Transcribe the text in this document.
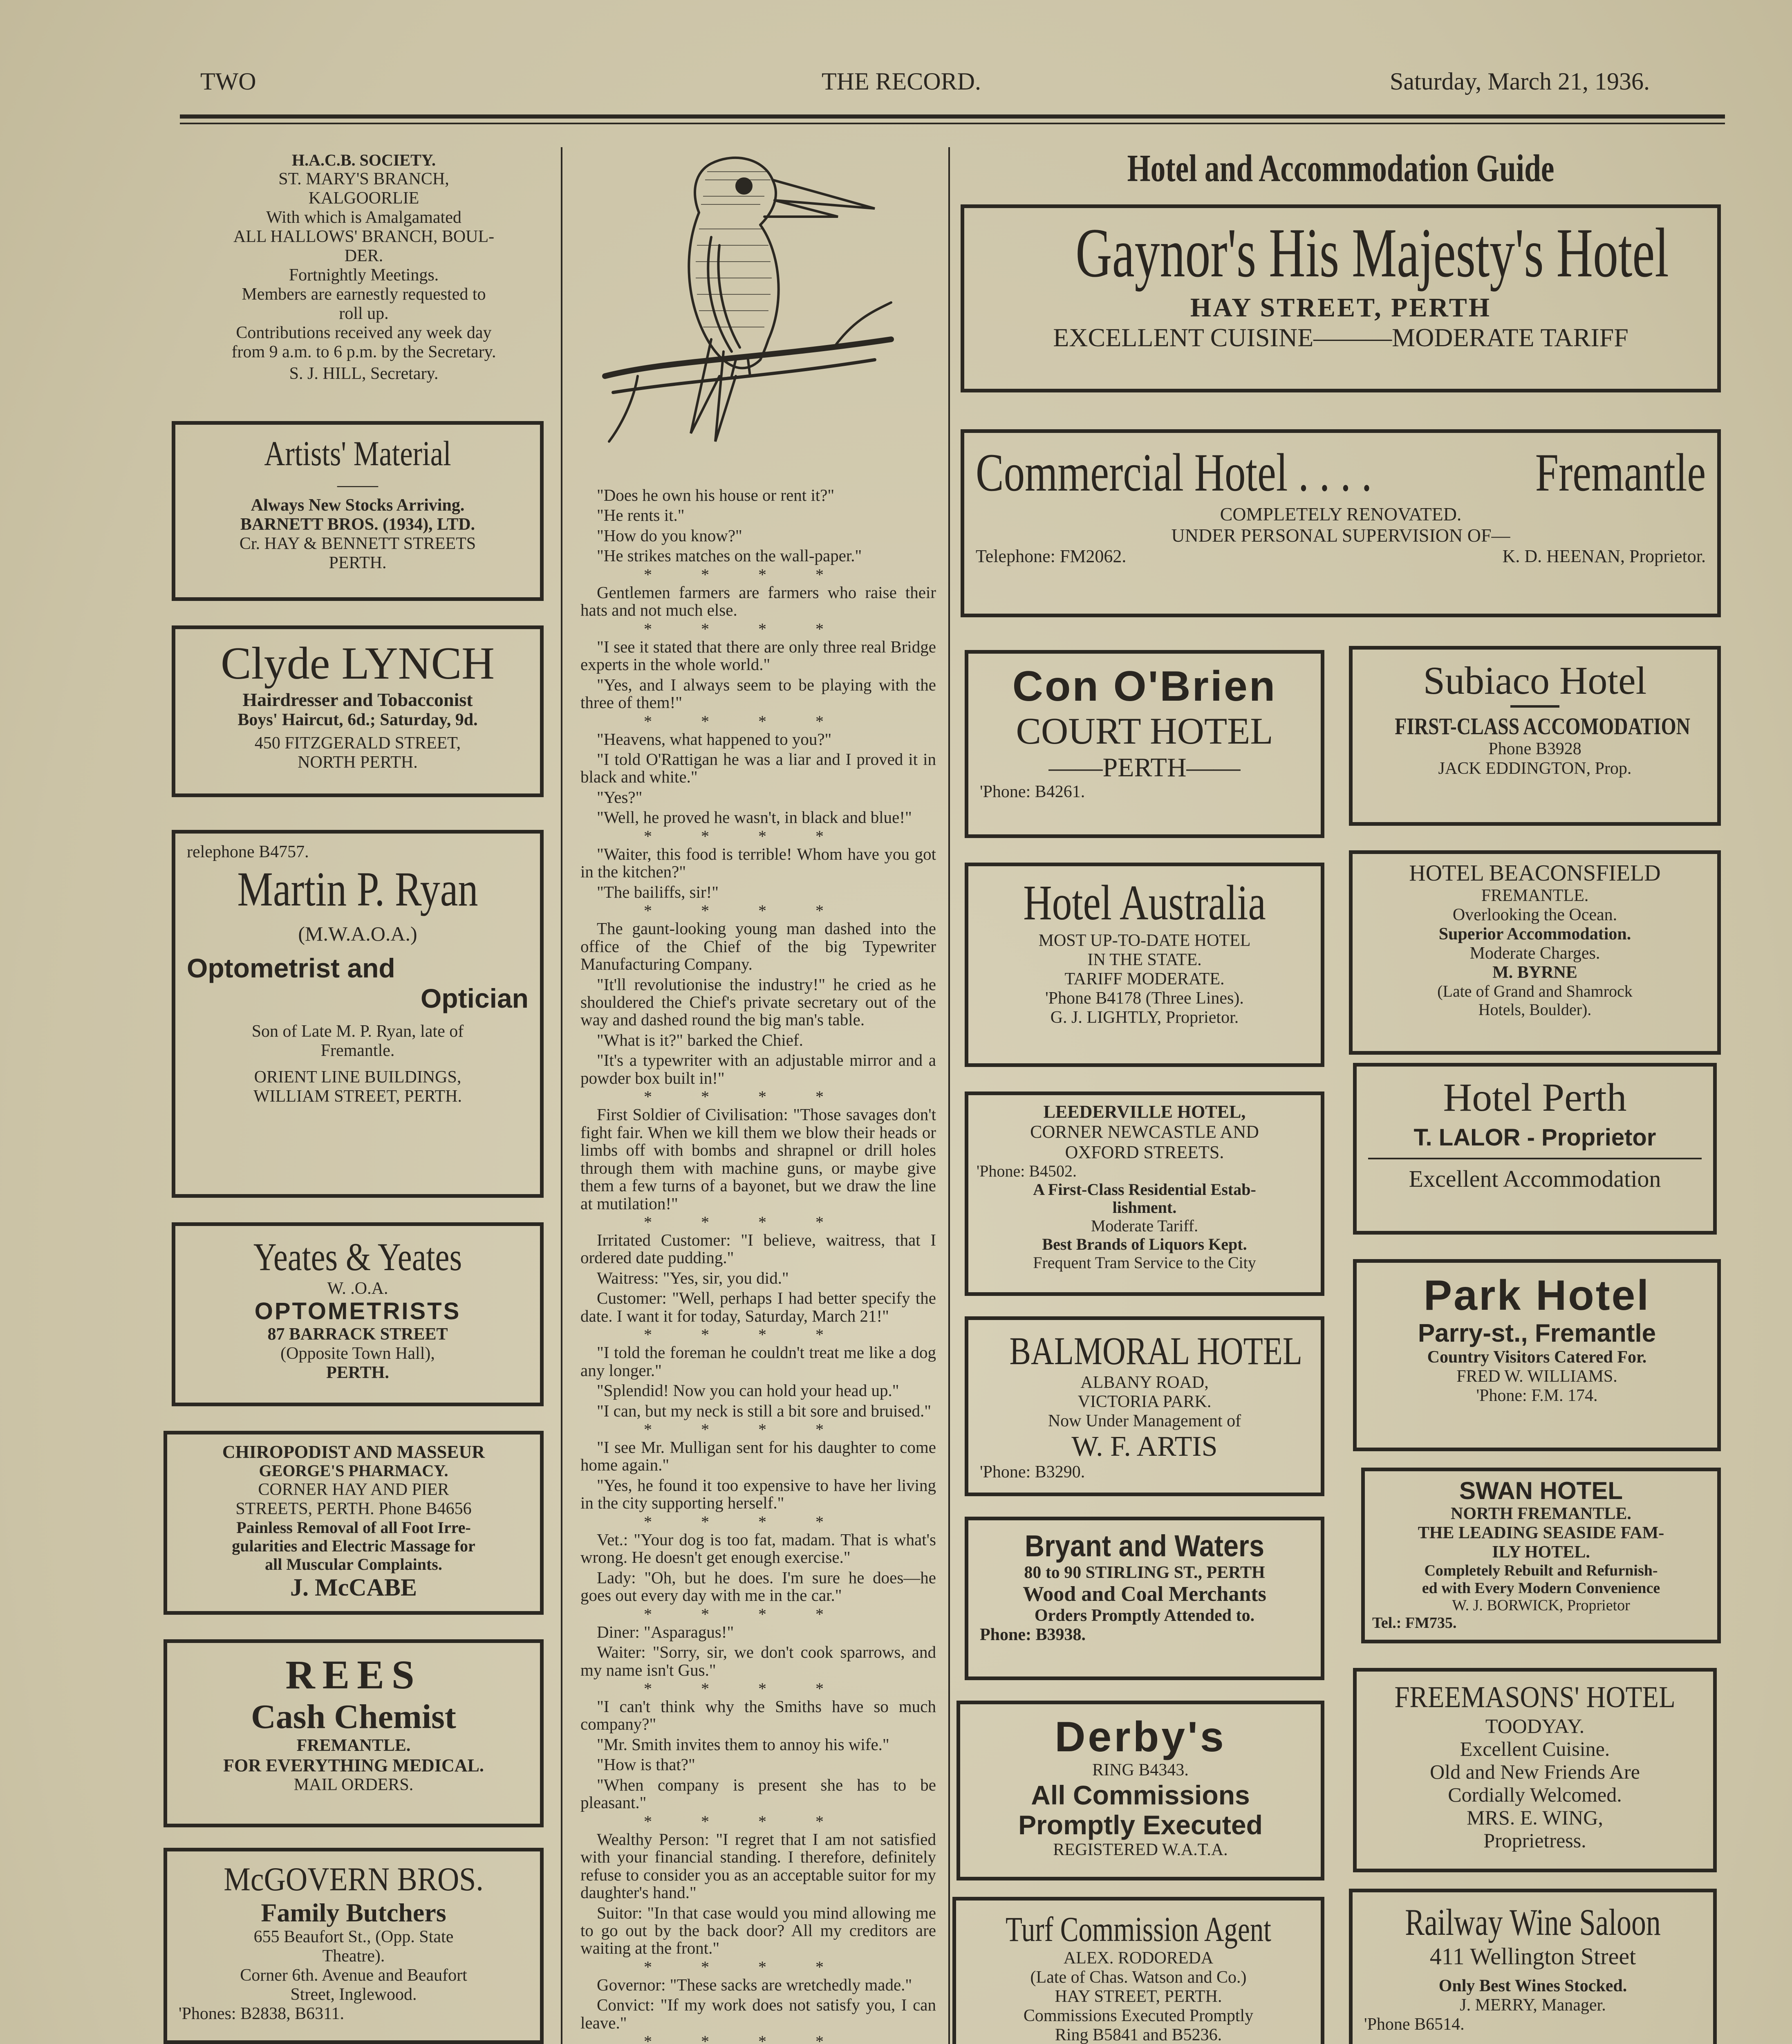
TWO	THE RECORD.	Saturday, March 21, 1936.
H.A.C.B. SOCIETY.
ST. MARY'S BRANCH,
KALGOORLIE
With which is Amalgamated
ALL HALLOWS' BRANCH, BOUL-
DER.
Fortnightly Meetings.
Members are earnestly requested to
roll up.
Contributions received any week day
from 9 a.m. to 6 p.m. by the Secretary.
S. J. HILL, Secretary.
Artists' Material
——
Always New Stocks Arriving.
BARNETT BROS. (1934), LTD.
Cr. HAY & BENNETT STREETS
PERTH.
Clyde LYNCH
Hairdresser and Tobacconist
Boys' Haircut, 6d.; Saturday, 9d.
450 FITZGERALD STREET,
NORTH PERTH.
relephone B4757.
Martin P. Ryan
(M.W.A.O.A.)
Optometrist and
Optician
Son of Late M. P. Ryan, late of
Fremantle.
ORIENT LINE BUILDINGS,
WILLIAM STREET, PERTH.
Yeates & Yeates
W. .O.A.
OPTOMETRISTS
87 BARRACK STREET
(Opposite Town Hall),
PERTH.
CHIROPODIST AND MASSEUR
GEORGE'S PHARMACY.
CORNER HAY AND PIER
STREETS, PERTH. Phone B4656
Painless Removal of all Foot Irre-
gularities and Electric Massage for
all Muscular Complaints.
J. McCABE
REES
Cash Chemist
FREMANTLE.
FOR EVERYTHING MEDICAL.
MAIL ORDERS.
McGOVERN BROS.
Family Butchers
655 Beaufort St., (Opp. State
Theatre).
Corner 6th. Avenue and Beaufort
Street, Inglewood.
'Phones: B2838, B6311.

"Does he own his house or rent it?"

"He rents it."

"How do you know?"

"He strikes matches on the wall-paper."

****

Gentlemen farmers are farmers who raise their hats and not much else.

****

"I see it stated that there are only three real Bridge experts in the whole world."

"Yes, and I always seem to be playing with the three of them!"

****

"Heavens, what happened to you?"

"I told O'Rattigan he was a liar and I proved it in black and white."

"Yes?"

"Well, he proved he wasn't, in black and blue!"

****

"Waiter, this food is terrible! Whom have you got in the kitchen?"

"The bailiffs, sir!"

****

The gaunt-looking young man dashed into the office of the Chief of the big Typewriter Manufacturing Company.

"It'll revolutionise the industry!" he cried as he shouldered the Chief's private secretary out of the way and dashed round the big man's table.

"What is it?" barked the Chief.

"It's a typewriter with an adjustable mirror and a powder box built in!"

****

First Soldier of Civilisation: "Those savages don't fight fair. When we kill them we blow their heads or limbs off with bombs and shrapnel or drill holes through them with machine guns, or maybe give them a few turns of a bayonet, but we draw the line at mutilation!"

****

Irritated Customer: "I believe, waitress, that I ordered date pudding."

Waitress: "Yes, sir, you did."

Customer: "Well, perhaps I had better specify the date. I want it for today, Saturday, March 21!"

****

"I told the foreman he couldn't treat me like a dog any longer."

"Splendid! Now you can hold your head up."

"I can, but my neck is still a bit sore and bruised."

****

"I see Mr. Mulligan sent for his daughter to come home again."

"Yes, he found it too expensive to have her living in the city supporting herself."

****

Vet.: "Your dog is too fat, madam. That is what's wrong. He doesn't get enough exercise."

Lady: "Oh, but he does. I'm sure he does—he goes out every day with me in the car."

****

Diner: "Asparagus!"

Waiter: "Sorry, sir, we don't cook sparrows, and my name isn't Gus."

****

"I can't think why the Smiths have so much company?"

"Mr. Smith invites them to annoy his wife."

"How is that?"

"When company is present she has to be pleasant."

****

Wealthy Person: "I regret that I am not satisfied with your financial standing. I therefore, definitely refuse to consider you as an acceptable suitor for my daughter's hand."

Suitor: "In that case would you mind allowing me to go out by the back door? All my creditors are waiting at the front."

****

Governor: "These sacks are wretchedly made."

Convict: "If my work does not satisfy you, I can leave."

****

Hotel and Accommodation Guide
Gaynor's His Majesty's Hotel
HAY STREET, PERTH
EXCELLENT CUISINE———MODERATE TARIFF
Commercial Hotel . . . .	Fremantle
COMPLETELY RENOVATED.
UNDER PERSONAL SUPERVISION OF—
Telephone: FM2062.	K. D. HEENAN, Proprietor.
Con O'Brien
COURT HOTEL
——PERTH——
'Phone: B4261.
Hotel Australia
MOST UP-TO-DATE HOTEL
IN THE STATE.
TARIFF MODERATE.
'Phone B4178 (Three Lines).
G. J. LIGHTLY, Proprietor.
LEEDERVILLE HOTEL,
CORNER NEWCASTLE AND
OXFORD STREETS.
'Phone: B4502.
A First-Class Residential Estab-
lishment.
Moderate Tariff.
Best Brands of Liquors Kept.
Frequent Tram Service to the City
BALMORAL HOTEL
ALBANY ROAD,
VICTORIA PARK.
Now Under Management of
W. F. ARTIS
'Phone: B3290.
Bryant and Waters
80 to 90 STIRLING ST., PERTH
Wood and Coal Merchants
Orders Promptly Attended to.
Phone: B3938.
Derby's
RING B4343.
All Commissions
Promptly Executed
REGISTERED W.A.T.A.
Turf Commission Agent
ALEX. RODOREDA
(Late of Chas. Watson and Co.)
HAY STREET, PERTH.
Commissions Executed Promptly
Ring B5841 and B5236.
Subiaco Hotel
FIRST-CLASS ACCOMODATION
Phone B3928
JACK EDDINGTON, Prop.
HOTEL BEACONSFIELD
FREMANTLE.
Overlooking the Ocean.
Superior Accommodation.
Moderate Charges.
M. BYRNE
(Late of Grand and Shamrock
Hotels, Boulder).
Hotel Perth
T. LALOR - Proprietor
Excellent Accommodation
Park Hotel
Parry-st., Fremantle
Country Visitors Catered For.
FRED W. WILLIAMS.
'Phone: F.M. 174.
SWAN HOTEL
NORTH FREMANTLE.
THE LEADING SEASIDE FAM-
ILY HOTEL.
Completely Rebuilt and Refurnish-
ed with Every Modern Convenience
W. J. BORWICK, Proprietor
Tel.: FM735.
FREEMASONS' HOTEL
TOODYAY.
Excellent Cuisine.
Old and New Friends Are
Cordially Welcomed.
MRS. E. WING,
Proprietress.
Railway Wine Saloon
411 Wellington Street
Only Best Wines Stocked.
J. MERRY, Manager.
'Phone B6514.
